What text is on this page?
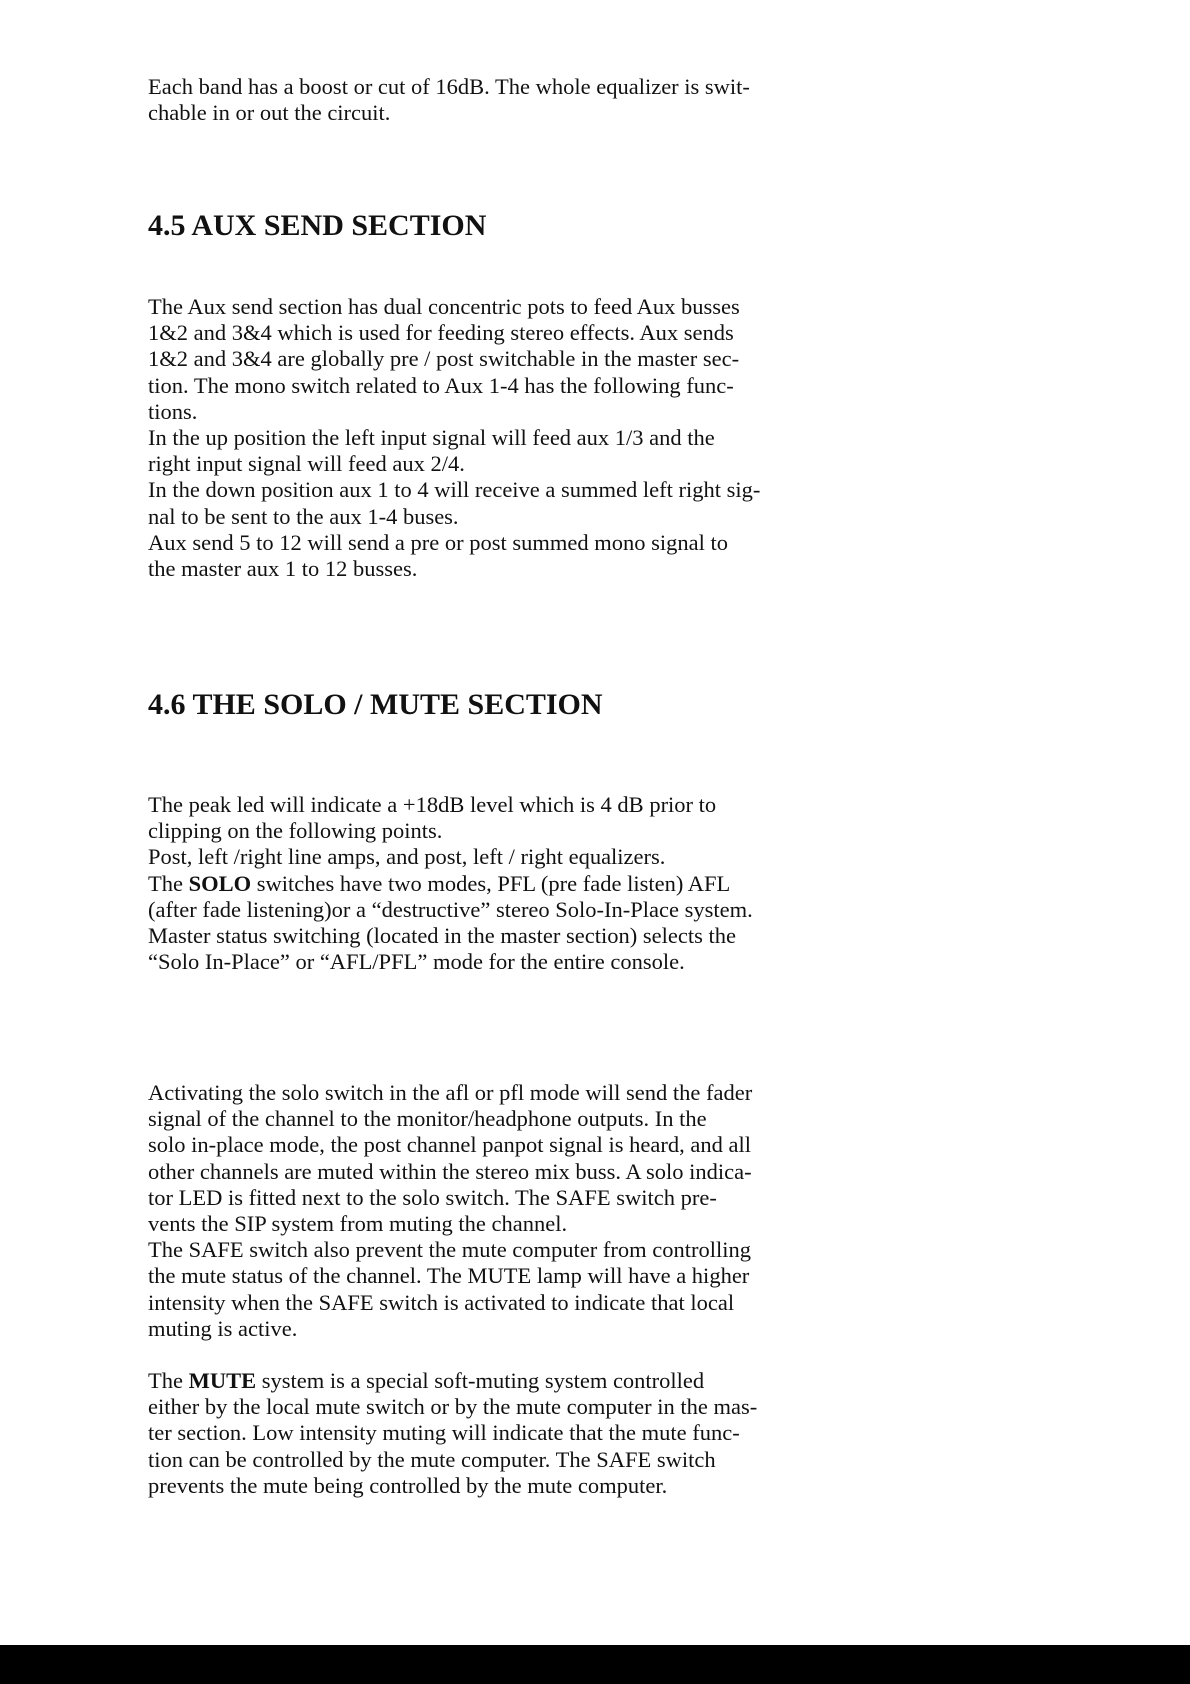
Each band has a boost or cut of 16dB. The whole equalizer is swit-
chable in or out the circuit.

4.5 AUX SEND SECTION

The Aux send section has dual concentric pots to feed Aux busses
1&2 and 3&4 which is used for feeding stereo effects. Aux sends
1&2 and 3&4 are globally pre / post switchable in the master sec-
tion. The mono switch related to Aux 1-4 has the following func-
tions.
In the up position the left input signal will feed aux 1/3 and the
right input signal will feed aux 2/4.
In the down position aux 1 to 4 will receive a summed left right sig-
nal to be sent to the aux 1-4 buses.
Aux send 5 to 12 will send a pre or post summed mono signal to
the master aux 1 to 12 busses.

4.6 THE SOLO / MUTE SECTION

The peak led will indicate a +18dB level which is 4 dB prior to
clipping on the following points.
Post, left /right line amps, and post, left / right equalizers.
The SOLO switches have two modes, PFL (pre fade listen) AFL
(after fade listening)or a “destructive” stereo Solo-In-Place system.
Master status switching (located in the master section) selects the
“Solo In-Place” or “AFL/PFL” mode for the entire console.

Activating the solo switch in the afl or pfl mode will send the fader
signal of the channel to the monitor/headphone outputs. In the
solo in-place mode, the post channel panpot signal is heard, and all
other channels are muted within the stereo mix buss. A solo indica-
tor LED is fitted next to the solo switch. The SAFE switch pre-
vents the SIP system from muting the channel.
The SAFE switch also prevent the mute computer from controlling
the mute status of the channel. The MUTE lamp will have a higher
intensity when the SAFE switch is activated to indicate that local
muting is active.

The MUTE system is a special soft-muting system controlled
either by the local mute switch or by the mute computer in the mas-
ter section. Low intensity muting will indicate that the mute func-
tion can be controlled by the mute computer. The SAFE switch
prevents the mute being controlled by the mute computer.
